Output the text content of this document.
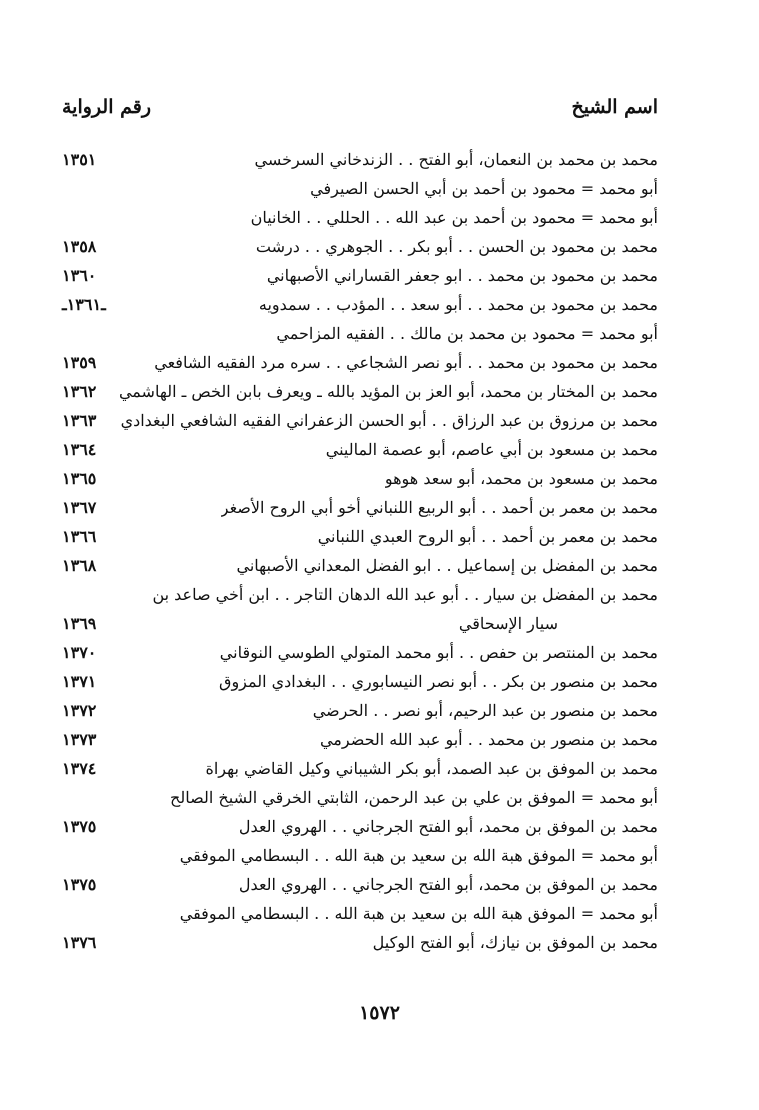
اسم الشيخ
رقم الرواية
محمد بن محمد بن النعمان، أبو الفتح . . الزندخاني السرخسي
١٣٥١
أبو محمد = محمود بن أحمد بن أبي الحسن الصيرفي
أبو محمد = محمود بن أحمد بن عبد الله . . الحللي . . الخانيان
محمد بن محمود بن الحسن . . أبو بكر . . الجوهري . . درشت
١٣٥٨
محمد بن محمود بن محمد . . ابو جعفر القساراني الأصبهاني
١٣٦٠
محمد بن محمود بن محمد . . أبو سعد . . المؤدب . . سمدويه
ـ١٣٦١ـ
أبو محمد = محمود بن محمد بن مالك . . الفقيه المزاحمي
محمد بن محمود بن محمد . . أبو نصر الشجاعي . . سره مرد الفقيه الشافعي
١٣٥٩
محمد بن المختار بن محمد، أبو العز بن المؤيد بالله ـ ويعرف بابن الخص ـ الهاشمي
١٣٦٢
محمد بن مرزوق بن عبد الرزاق . . أبو الحسن الزعفراني الفقيه الشافعي البغدادي
١٣٦٣
محمد بن مسعود بن أبي عاصم، أبو عصمة الماليني
١٣٦٤
محمد بن مسعود بن محمد، أبو سعد هوهو
١٣٦٥
محمد بن معمر بن أحمد . . أبو الربيع اللنباني أخو أبي الروح الأصغر
١٣٦٧
محمد بن معمر بن أحمد . . أبو الروح العبدي اللنباني
١٣٦٦
محمد بن المفضل بن إسماعيل . . ابو الفضل المعداني الأصبهاني
١٣٦٨
محمد بن المفضل بن سيار . . أبو عبد الله الدهان التاجر . . ابن أخي صاعد بن
سيار الإسحاقي
١٣٦٩
محمد بن المنتصر بن حفص . . أبو محمد المتولي الطوسي النوقاني
١٣٧٠
محمد بن منصور بن بكر . . أبو نصر النيسابوري . . البغدادي المزوق
١٣٧١
محمد بن منصور بن عبد الرحيم، أبو نصر . . الحرضي
١٣٧٢
محمد بن منصور بن محمد . . أبو عبد الله الحضرمي
١٣٧٣
محمد بن الموفق بن عبد الصمد، أبو بكر الشيباني وكيل القاضي بهراة
١٣٧٤
أبو محمد = الموفق بن علي بن عبد الرحمن، الثابتي الخرقي الشيخ الصالح
محمد بن الموفق بن محمد، أبو الفتح الجرجاني . . الهروي العدل
١٣٧٥
أبو محمد = الموفق هبة الله بن سعيد بن هبة الله . . البسطامي الموفقي
محمد بن الموفق بن محمد، أبو الفتح الجرجاني . . الهروي العدل
١٣٧٥
أبو محمد = الموفق هبة الله بن سعيد بن هبة الله . . البسطامي الموفقي
محمد بن الموفق بن نيازك، أبو الفتح الوكيل
١٣٧٦
١٥٧٢
